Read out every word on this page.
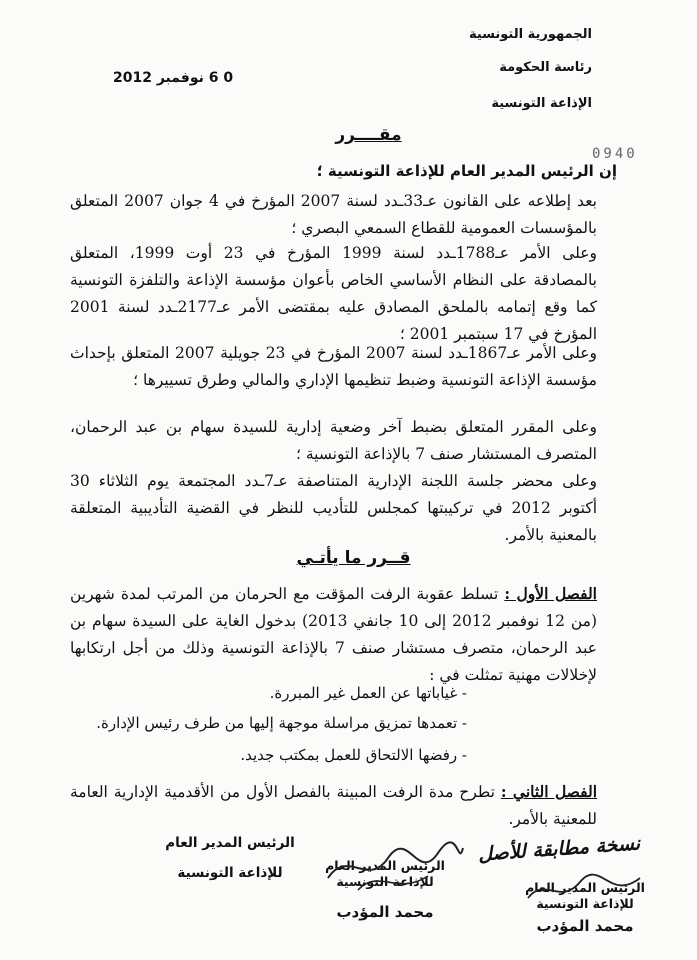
الجمهورية التونسية
رئاسة الحكومة
الإذاعة التونسية
0 6 نوفمبر 2012
0940
مقــــرر
إن الرئيس المدير العام للإذاعة التونسية ؛
بعد إطلاعه على القانون عـ33ـدد لسنة 2007 المؤرخ في 4 جوان 2007 المتعلق بالمؤسسات العمومية للقطاع السمعي البصري ؛
وعلى الأمر عـ1788ـدد لسنة 1999 المؤرخ في 23 أوت 1999، المتعلق بالمصادقة على النظام الأساسي الخاص بأعوان مؤسسة الإذاعة والتلفزة التونسية كما وقع إتمامه بالملحق المصادق عليه بمقتضى الأمر عـ2177ـدد لسنة 2001 المؤرخ في 17 سبتمبر 2001 ؛
وعلى الأمر عـ1867ـدد لسنة 2007 المؤرخ في 23 جويلية 2007 المتعلق بإحداث مؤسسة الإذاعة التونسية وضبط تنظيمها الإداري والمالي وطرق تسييرها ؛
وعلى المقرر المتعلق بضبط آخر وضعية إدارية للسيدة سهام بن عبد الرحمان، المتصرف المستشار صنف 7 بالإذاعة التونسية ؛
وعلى محضر جلسة اللجنة الإدارية المتناصفة عـ7ـدد المجتمعة يوم الثلاثاء 30 أكتوبر 2012 في تركيبتها كمجلس للتأديب للنظر في القضية التأديبية المتعلقة بالمعنية بالأمر.
قــرر ما يأتـي
الفصل الأول : تسلط عقوبة الرفت المؤقت مع الحرمان من المرتب لمدة شهرين (من 12 نوفمبر 2012 إلى 10 جانفي 2013) بدخول الغاية على السيدة سهام بن عبد الرحمان، متصرف مستشار صنف 7 بالإذاعة التونسية وذلك من أجل ارتكابها لإخلالات مهنية تمثلت في :
- غياباتها عن العمل غير المبررة.
- تعمدها تمزيق مراسلة موجهة إليها من طرف رئيس الإدارة.
- رفضها الالتحاق للعمل بمكتب جديد.
الفصل الثاني : تطرح مدة الرفت المبينة بالفصل الأول من الأقدمية الإدارية العامة للمعنية بالأمر.
الرئيس المدير العام
للإذاعة التونسية	الرئيس المدير العام
للإذاعة التونسية
محمد المؤدب
نسخة مطابقة للأصل
الرئيس المدير العام
للإذاعة التونسية
محمد المؤدب
